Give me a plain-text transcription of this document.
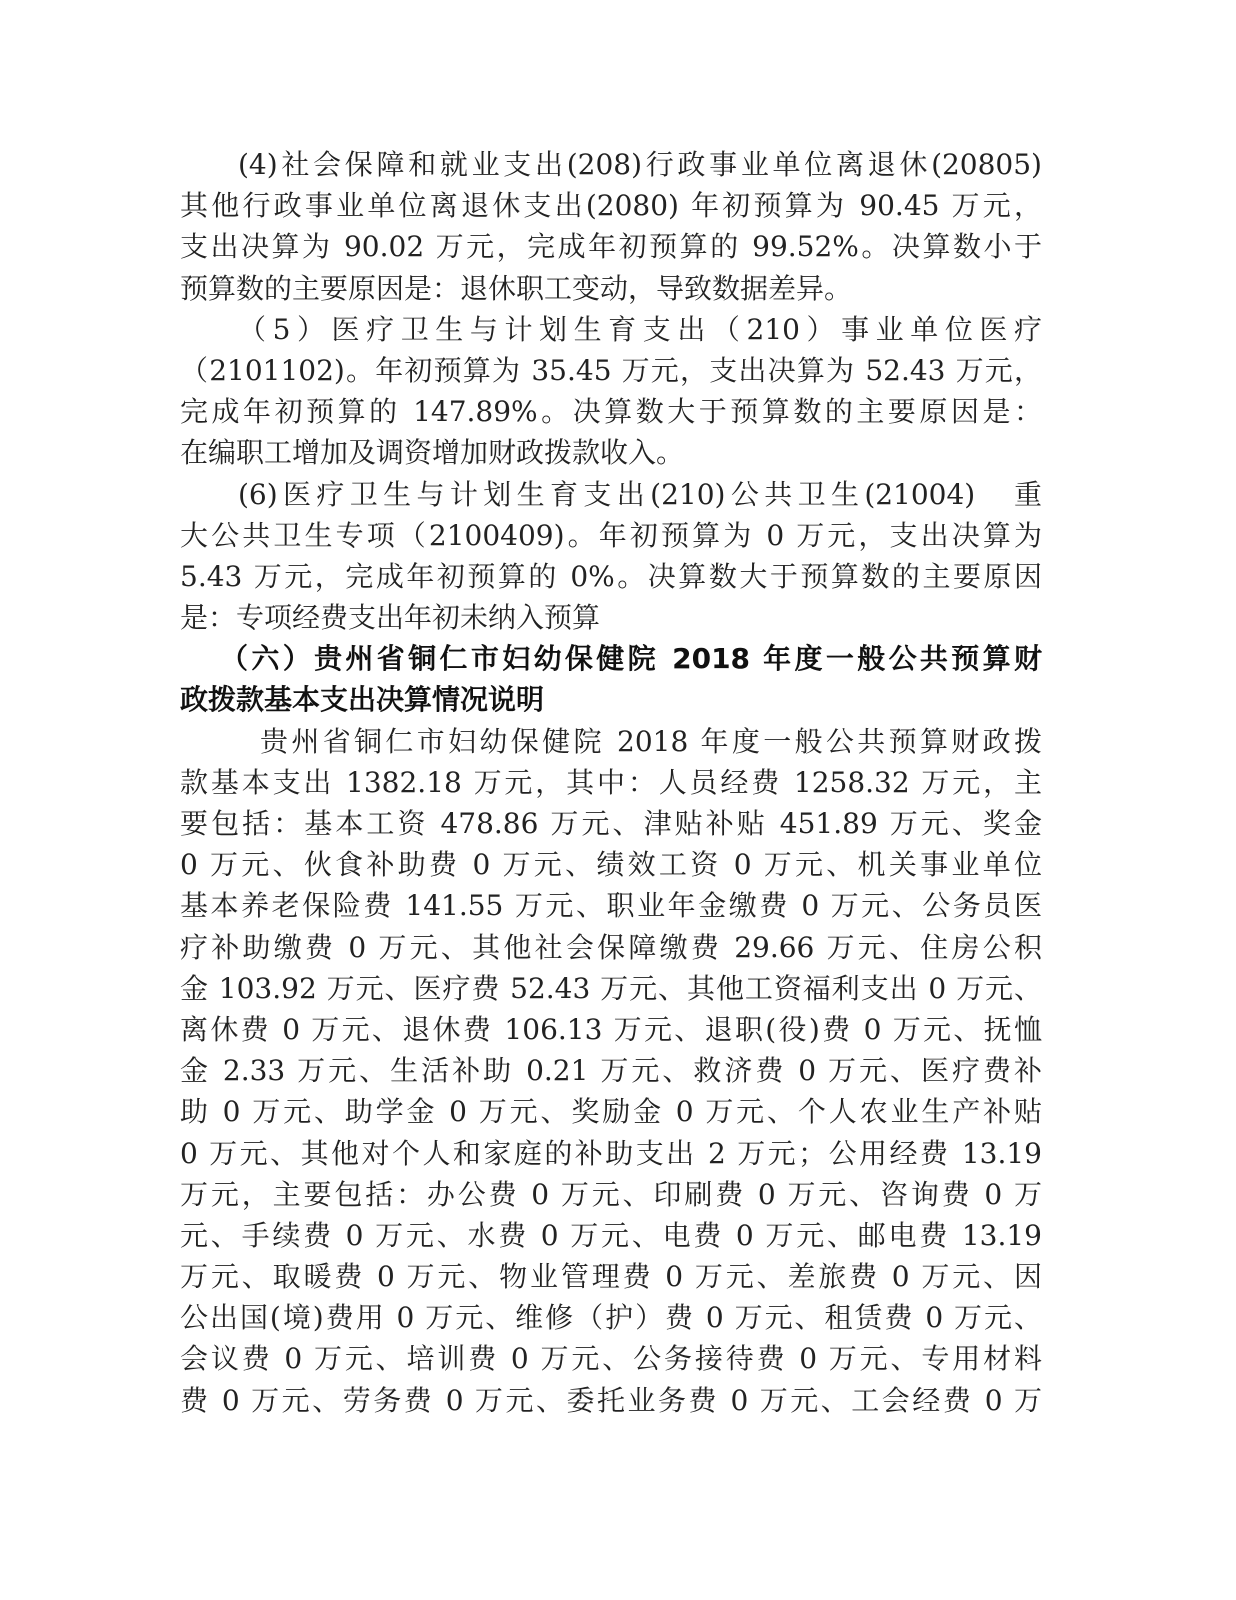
(4)社会保障和就业支出(208)行政事业单位离退休(20805)
其他行政事业单位离退休支出(2080) 年初预算为 90.45 万元，
支出决算为 90.02 万元，完成年初预算的 99.52%。决算数小于
预算数的主要原因是：退休职工变动，导致数据差异。
（5）医疗卫生与计划生育支出（210）事业单位医疗
（2101102)。年初预算为 35.45 万元，支出决算为 52.43 万元，
完成年初预算的 147.89%。决算数大于预算数的主要原因是：
在编职工增加及调资增加财政拨款收入。
(6)医疗卫生与计划生育支出(210)公共卫生(21004)　重
大公共卫生专项（2100409)。年初预算为 0 万元，支出决算为
5.43 万元，完成年初预算的 0%。决算数大于预算数的主要原因
是：专项经费支出年初未纳入预算
（六）贵州省铜仁市妇幼保健院 2018 年度一般公共预算财
政拨款基本支出决算情况说明
贵州省铜仁市妇幼保健院 2018 年度一般公共预算财政拨
款基本支出 1382.18 万元，其中：人员经费 1258.32 万元，主
要包括：基本工资 478.86 万元、津贴补贴 451.89 万元、奖金
0 万元、伙食补助费 0 万元、绩效工资 0 万元、机关事业单位
基本养老保险费 141.55 万元、职业年金缴费 0 万元、公务员医
疗补助缴费 0 万元、其他社会保障缴费 29.66 万元、住房公积
金 103.92 万元、医疗费 52.43 万元、其他工资福利支出 0 万元、
离休费 0 万元、退休费 106.13 万元、退职(役)费 0 万元、抚恤
金 2.33 万元、生活补助 0.21 万元、救济费 0 万元、医疗费补
助 0 万元、助学金 0 万元、奖励金 0 万元、个人农业生产补贴
0 万元、其他对个人和家庭的补助支出 2 万元；公用经费 13.19
万元，主要包括：办公费 0 万元、印刷费 0 万元、咨询费 0 万
元、手续费 0 万元、水费 0 万元、电费 0 万元、邮电费 13.19
万元、取暖费 0 万元、物业管理费 0 万元、差旅费 0 万元、因
公出国(境)费用 0 万元、维修（护）费 0 万元、租赁费 0 万元、
会议费 0 万元、培训费 0 万元、公务接待费 0 万元、专用材料
费 0 万元、劳务费 0 万元、委托业务费 0 万元、工会经费 0 万
